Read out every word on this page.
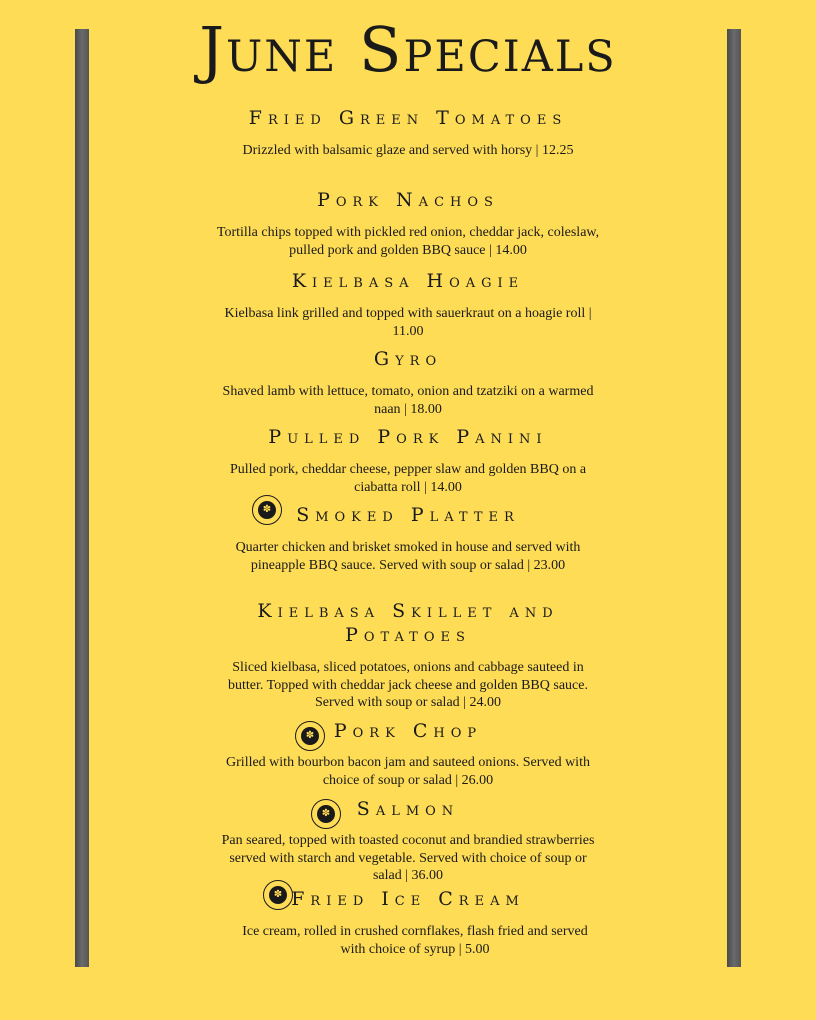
June Specials
Fried Green Tomatoes
Drizzled with balsamic glaze and served with horsy | 12.25
Pork Nachos
Tortilla chips topped with pickled red onion, cheddar jack, coleslaw, pulled pork and golden BBQ sauce | 14.00
Kielbasa Hoagie
Kielbasa link grilled and topped with sauerkraut on a hoagie roll | 11.00
Gyro
Shaved lamb with lettuce, tomato, onion and tzatziki on a warmed naan | 18.00
Pulled Pork Panini
Pulled pork, cheddar cheese, pepper slaw and golden BBQ on a ciabatta roll | 14.00
✽	Smoked Platter
Quarter chicken and brisket smoked in house and served with pineapple BBQ sauce. Served with soup or salad | 23.00
Kielbasa Skillet and Potatoes
Sliced kielbasa, sliced potatoes, onions and cabbage sauteed in butter. Topped with cheddar jack cheese and golden BBQ sauce. Served with soup or salad | 24.00
✽	Pork Chop
Grilled with bourbon bacon jam and sauteed onions. Served with choice of soup or salad | 26.00
✽	Salmon
Pan seared, topped with toasted coconut and brandied strawberries served with starch and vegetable. Served with choice of soup or salad | 36.00
✽ Fried Ice Cream
Ice cream, rolled in crushed cornflakes, flash fried and served with choice of syrup | 5.00
